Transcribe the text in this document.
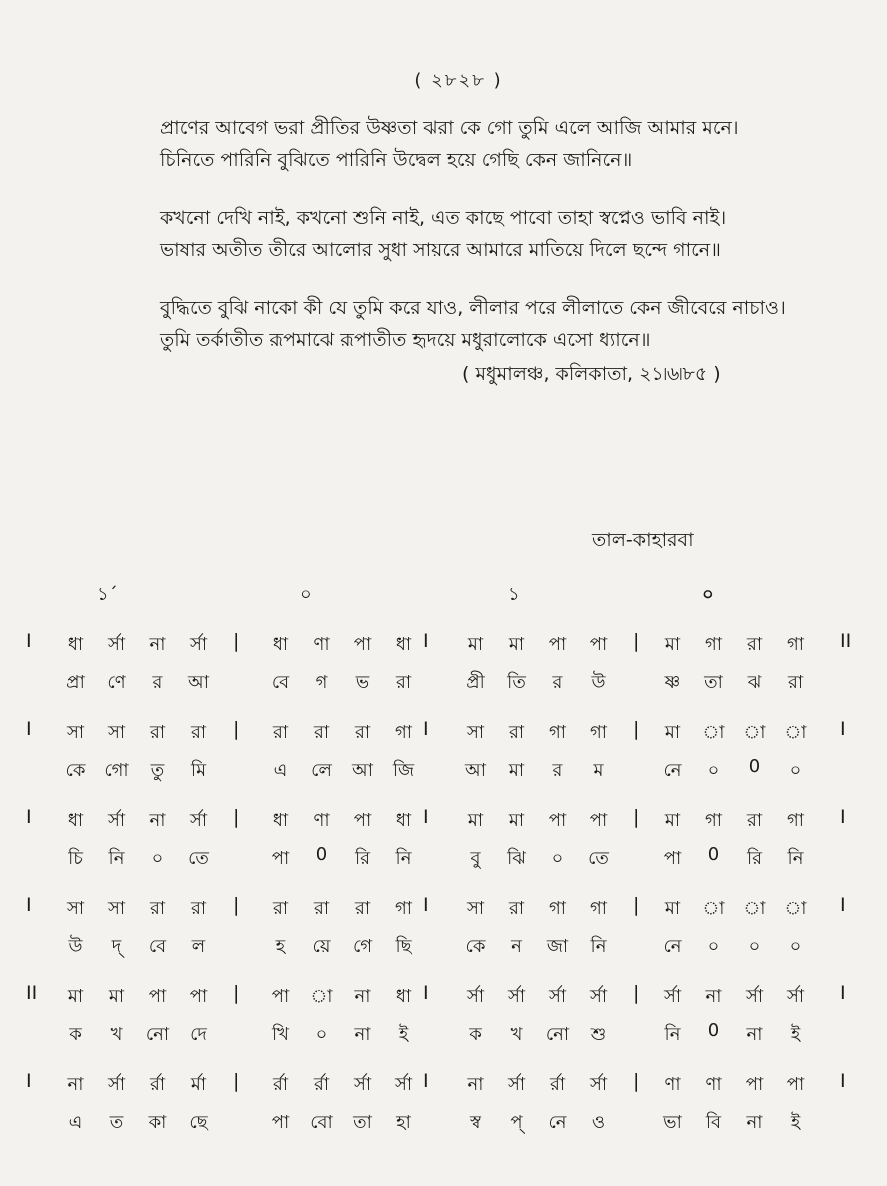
( ২৮২৮ )
প্রাণের আবেগ ভরা প্রীতির উষ্ণতা ঝরা কে গো তুমি এলে আজি আমার মনে।
চিনিতে পারিনি বুঝিতে পারিনি উদ্বেল হয়ে গেছি কেন জানিনে॥
কখনো দেখি নাই, কখনো শুনি নাই, এত কাছে পাবো তাহা স্বপ্নেও ভাবি নাই।
ভাষার অতীত তীরে আলোর সুধা সায়রে আমারে মাতিয়ে দিলে ছন্দে গানে॥
বুদ্ধিতে বুঝি নাকো কী যে তুমি করে যাও, লীলার পরে লীলাতে কেন জীবেরে নাচাও।
তুমি তর্কাতীত রূপমাঝে রূপাতীত হৃদয়ে মধুরালোকে এসো ধ্যানে॥
( মধুমালঞ্চ, কলিকাতা, ২১৷৬৷৮৫ )
তাল-কাহারবা
১´	০	১	০
I	|	I	|	II
ধা	র্সা	না	র্সা	ধা	ণা	পা	ধা	মা	মা	পা	পা	মা	গা	রা	গা
প্রা	ণে	র	আ	বে	গ	ভ	রা	প্রী	তি	র	উ	ষ্ণ	তা	ঝ	রা
I	|	I	|	I
সা	সা	রা	রা	রা	রা	রা	গা	সা	রা	গা	গা	মা	া	া	া
কে	গো	তু	মি	এ	লে	আ	জি	আ	মা	র	ম	নে	০	0	০
I	|	I	|	I
ধা	র্সা	না	র্সা	ধা	ণা	পা	ধা	মা	মা	পা	পা	মা	গা	রা	গা
চি	নি	০	তে	পা	0	রি	নি	বু	ঝি	০	তে	পা	0	রি	নি
I	|	I	|	I
সা	সা	রা	রা	রা	রা	রা	গা	সা	রা	গা	গা	মা	া	া	া
উ	দ্	বে	ল	হ	য়ে	গে	ছি	কে	ন	জা	নি	নে	০	০	০
II	|	I	|	I
মা	মা	পা	পা	পা	া	না	ধা	র্সা	র্সা	র্সা	র্সা	র্সা	না	র্সা	র্সা
ক	খ	নো	দে	খি	০	না	ই	ক	খ	নো	শু	নি	0	না	ই
I	|	I	|	I
না	র্সা	র্রা	র্মা	র্রা	র্রা	র্সা	র্সা	না	র্সা	র্রা	র্সা	ণা	ণা	পা	পা
এ	ত	কা	ছে	পা	বো	তা	হা	স্ব	প্	নে	ও	ভা	বি	না	ই
